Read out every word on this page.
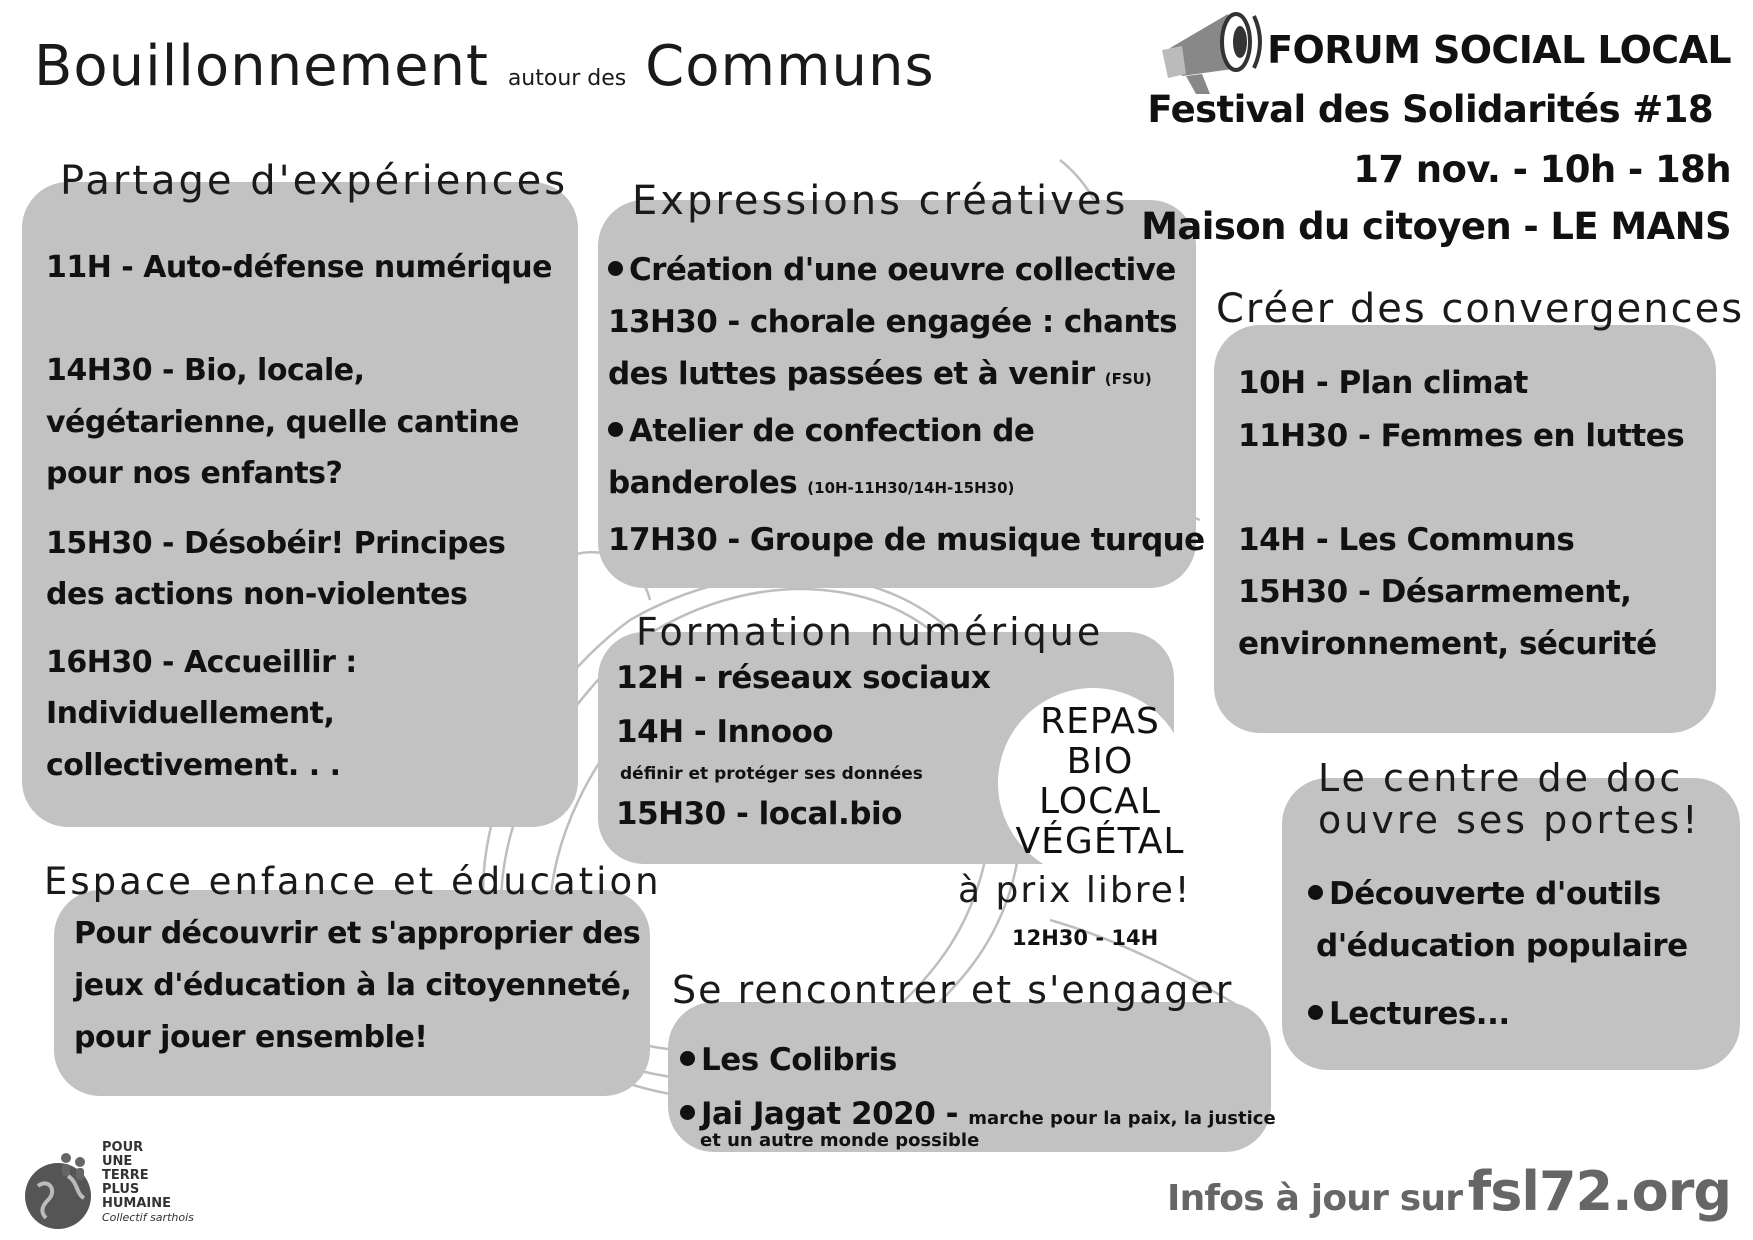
Bouillonnement autour des Communs	FORUM SOCIAL LOCAL
Festival des Solidarités #18
17 nov. - 10h - 18h
Maison du citoyen - LE MANS
Partage d'expériences
11H - Auto-défense numérique
14H30 - Bio, locale,
végétarienne, quelle cantine
pour nos enfants?
15H30 - Désobéir! Principes
des actions non-violentes
16H30 - Accueillir :
Individuellement,
collectivement. . .
Expressions créatives
Création d'une oeuvre collective
13H30 - chorale engagée : chants
des luttes passées et à venir (FSU)
Atelier de confection de
banderoles (10H-11H30/14H-15H30)
17H30 - Groupe de musique turque
Créer des convergences
10H - Plan climat
11H30 - Femmes en luttes
14H - Les Communs
15H30 - Désarmement,
environnement, sécurité
Formation numérique
12H - réseaux sociaux
14H - Innooo
définir et protéger ses données
15H30 - local.bio
REPAS
BIO
LOCAL
VÉGÉTAL
à prix libre!
12H30 - 14H
Le centre de doc
ouvre ses portes!
Découverte d'outils
d'éducation populaire
Lectures...
Espace enfance et éducation
Pour découvrir et s'approprier des
jeux d'éducation à la citoyenneté,
pour jouer ensemble!
Se rencontrer et s'engager
Les Colibris
Jai Jagat 2020 - marche pour la paix, la justice
et un autre monde possible
POUR
UNE
TERRE
PLUS
HUMAINE
Collectif sarthois	Infos à jour sur fsl72.org
